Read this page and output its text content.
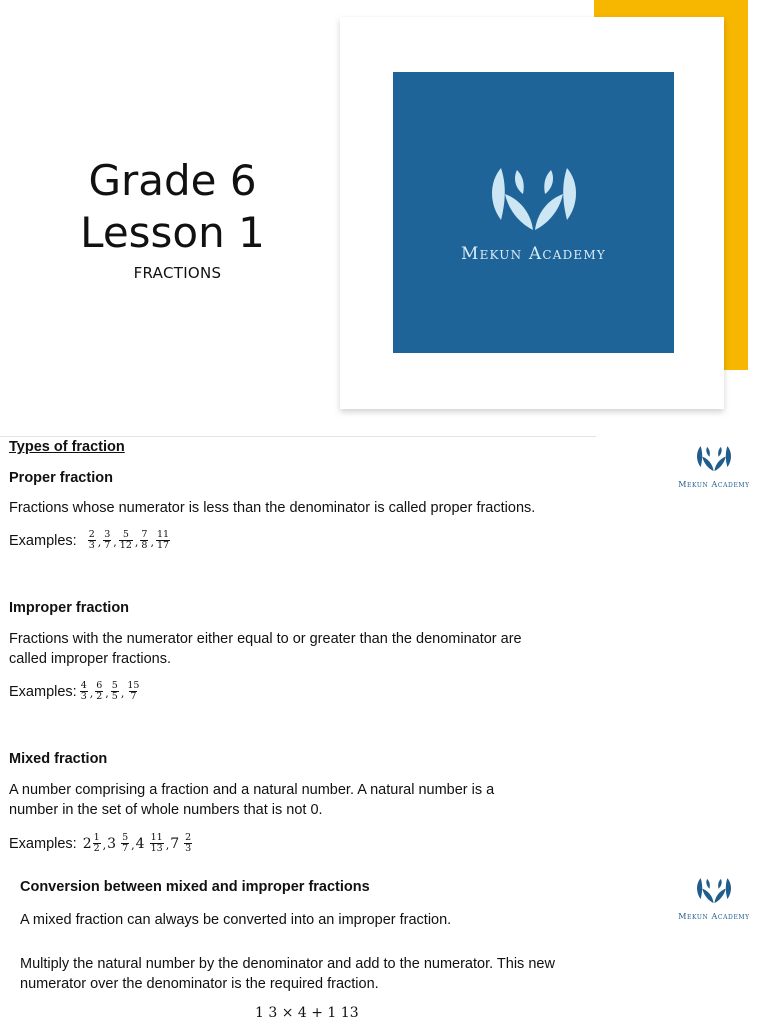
Mekun Academy
Grade 6
Lesson 1
FRACTIONS
Mekun Academy
Types of fraction
Proper fraction
Fractions whose numerator is less than the denominator is called proper fractions.
Examples: 2
3 ,
3
7 ,
5
12 ,
7
8 ,
11
17
Improper fraction
Fractions with the numerator either equal to or greater than the denominator are
called improper fractions.
Examples: 4
3 ,
6
2 ,
5
5 ,
15
7
Mixed fraction
A number comprising a fraction and a natural number. A natural number is a
number in the set of whole numbers that is not 0.
Examples: 2 1
2 , 3
5
7 , 4
11
13 , 7
2
3
Conversion between mixed and improper fractions
Mekun Academy
A mixed fraction can always be converted into an improper fraction.
Multiply the natural number by the denominator and add to the numerator. This new
numerator over the denominator is the required fraction.
1 3 × 4 + 1 13
